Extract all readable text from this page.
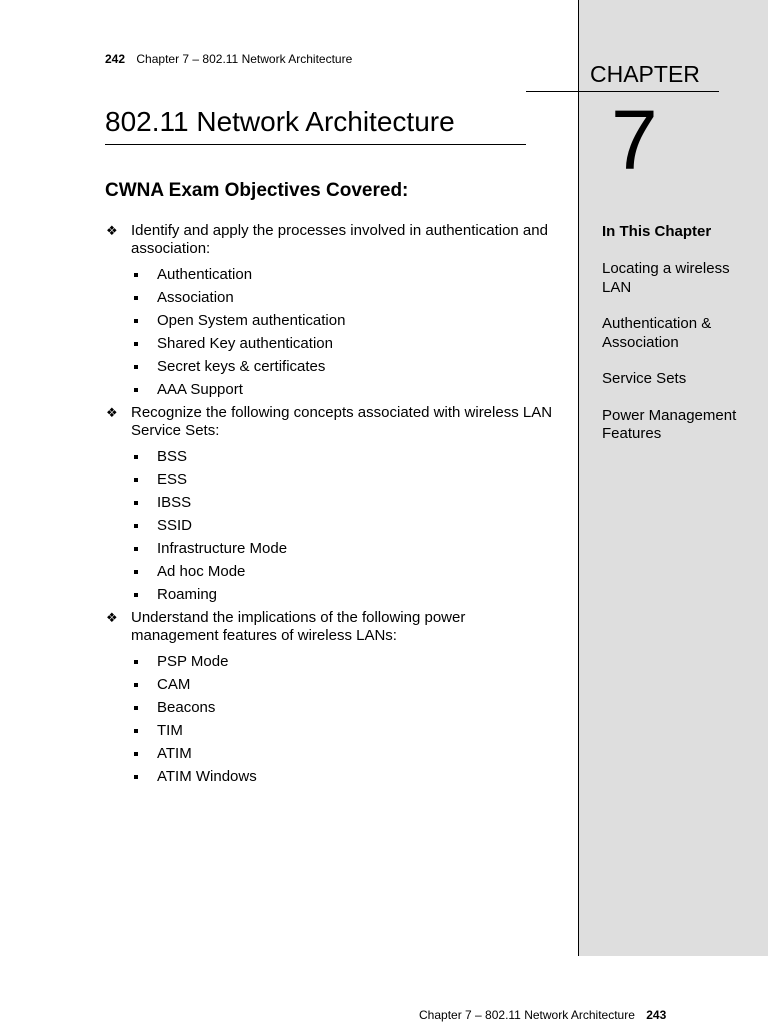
242 Chapter 7 – 802.11 Network Architecture
802.11 Network Architecture
CHAPTER
7
In This Chapter
Locating a wireless LAN
Authentication & Association
Service Sets
Power Management Features
CWNA Exam Objectives Covered:
❖ Identify and apply the processes involved in authentication and association:
Authentication
Association
Open System authentication
Shared Key authentication
Secret keys & certificates
AAA Support
❖ Recognize the following concepts associated with wireless LAN Service Sets:
BSS
ESS
IBSS
SSID
Infrastructure Mode
Ad hoc Mode
Roaming
❖ Understand the implications of the following power management features of wireless LANs:
PSP Mode
CAM
Beacons
TIM
ATIM
ATIM Windows
Chapter 7 – 802.11 Network Architecture 243
